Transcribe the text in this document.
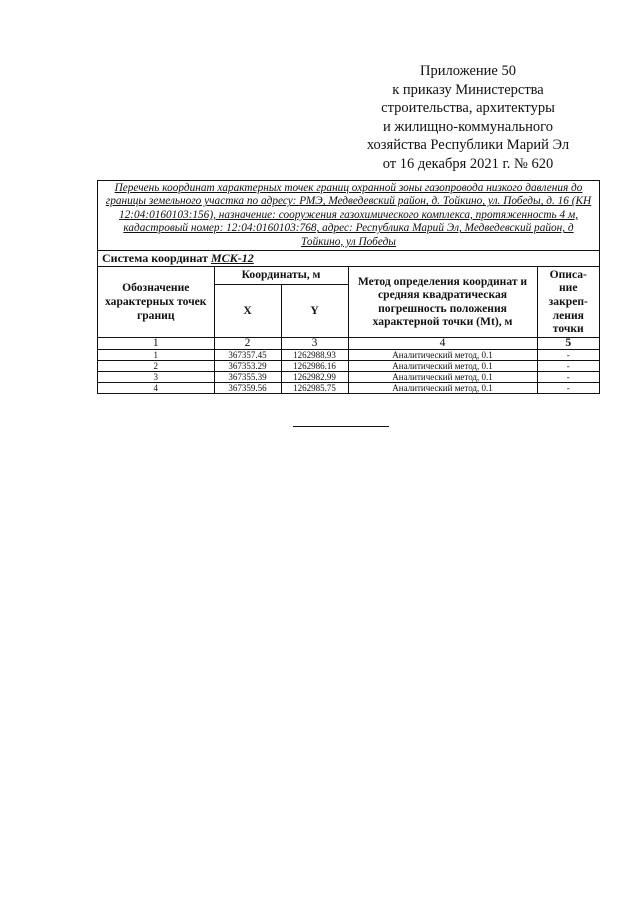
Приложение 50
к приказу Министерства
строительства, архитектуры
и жилищно-коммунального
хозяйства Республики Марий Эл
от 16 декабря 2021 г. № 620
Перечень координат характерных точек границ охранной зоны газопровода низкого давления до границы земельного участка по адресу: РМЭ, Медведевский район, д. Тойкино, ул. Победы, д. 16 (КН 12:04:0160103:156), назначение: сооружения газохимического комплекса, протяженность 4 м, кадастровый номер: 12:04:0160103:768, адрес: Республика Марий Эл, Медведевский район, д Тойкино, ул Победы
Система координат МСК-12
Обозначение характерных точек границ	Координаты, м		Метод определения координат и средняя квадратическая погрешность положения характерной точки (Mt), м	Описа-
ние
закреп-
ления
точки

	X	Y		
1	2	3	4	5
1	367357.45	1262988.93	Аналитический метод, 0.1	-
2	367353.29	1262986.16	Аналитический метод, 0.1	-
3	367355.39	1262982.99	Аналитический метод, 0.1	-
4	367359.56	1262985.75	Аналитический метод, 0.1	-
